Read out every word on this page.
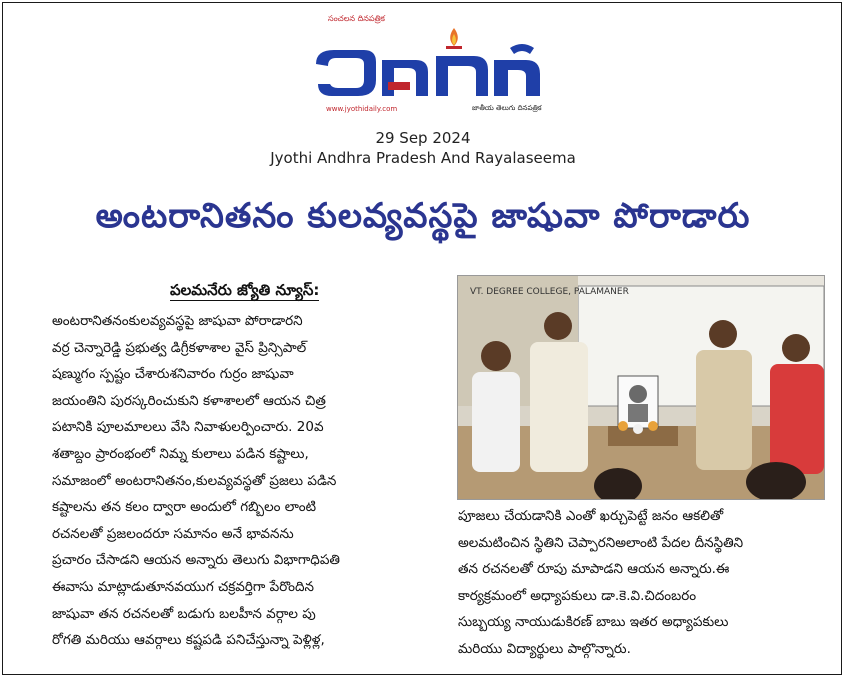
సంచలన దినపత్రిక
www.jyothidaily.com	జాతీయ తెలుగు దినపత్రిక
29 Sep 2024
Jyothi Andhra Pradesh And Rayalaseema
అంటరానితనం కులవ్యవస్థపై జాషువా పోరాడారు
పలమనేరు జ్యోతి న్యూస్:
అంటరానితనంకులవ్యవస్థపై జాషువా పోరాడారని
వర్ర చెన్నారెడ్డి ప్రభుత్వ డిగ్రీకళాశాల వైస్ ప్రిన్సిపాల్
షణ్ముగం స్పష్టం చేశారుశనివారం గుర్రం జాషువా
జయంతిని పురస్కరించుకుని కళాశాలలో ఆయన చిత్ర
పటానికి పూలమాలలు వేసి నివాళులర్పించారు. 20వ
శతాబ్దం ప్రారంభంలో నిమ్న కులాలు పడిన కష్టాలు,
సమాజంలో అంటరానితనం,కులవ్యవస్థతో ప్రజలు పడిన
కష్టాలను తన కలం ద్వారా అందులో గబ్బిలం లాంటి
రచనలతో ప్రజలందరూ సమానం అనే భావనను
ప్రచారం చేసాడని ఆయన అన్నారు తెలుగు విభాగాధిపతి
ఈవాసు మాట్లాడుతూనవయుగ చక్రవర్తిగా పేరొందిన
జాషువా తన రచనలతో బడుగు బలహీన వర్గాల పు
రోగతి మరియు ఆవర్గాలు కష్టపడి పనిచేస్తున్నా పెళ్లిళ్ల,
VT. DEGREE COLLEGE, PALAMANER
పూజలు చేయడానికి ఎంతో ఖర్చుపెట్టే జనం ఆకలితో
అలమటించిన స్థితిని చెప్పారనిఅలాంటి పేదల దీనస్థితిని
తన రచనలతో రూపు మాపాడని ఆయన అన్నారు.ఈ
కార్యక్రమంలో అధ్యాపకులు డా.కె.వి.చిదంబరం
సుబ్బయ్య నాయుడుకిరణ్ బాబు ఇతర అధ్యాపకులు
మరియు విద్యార్థులు పాల్గొన్నారు.
